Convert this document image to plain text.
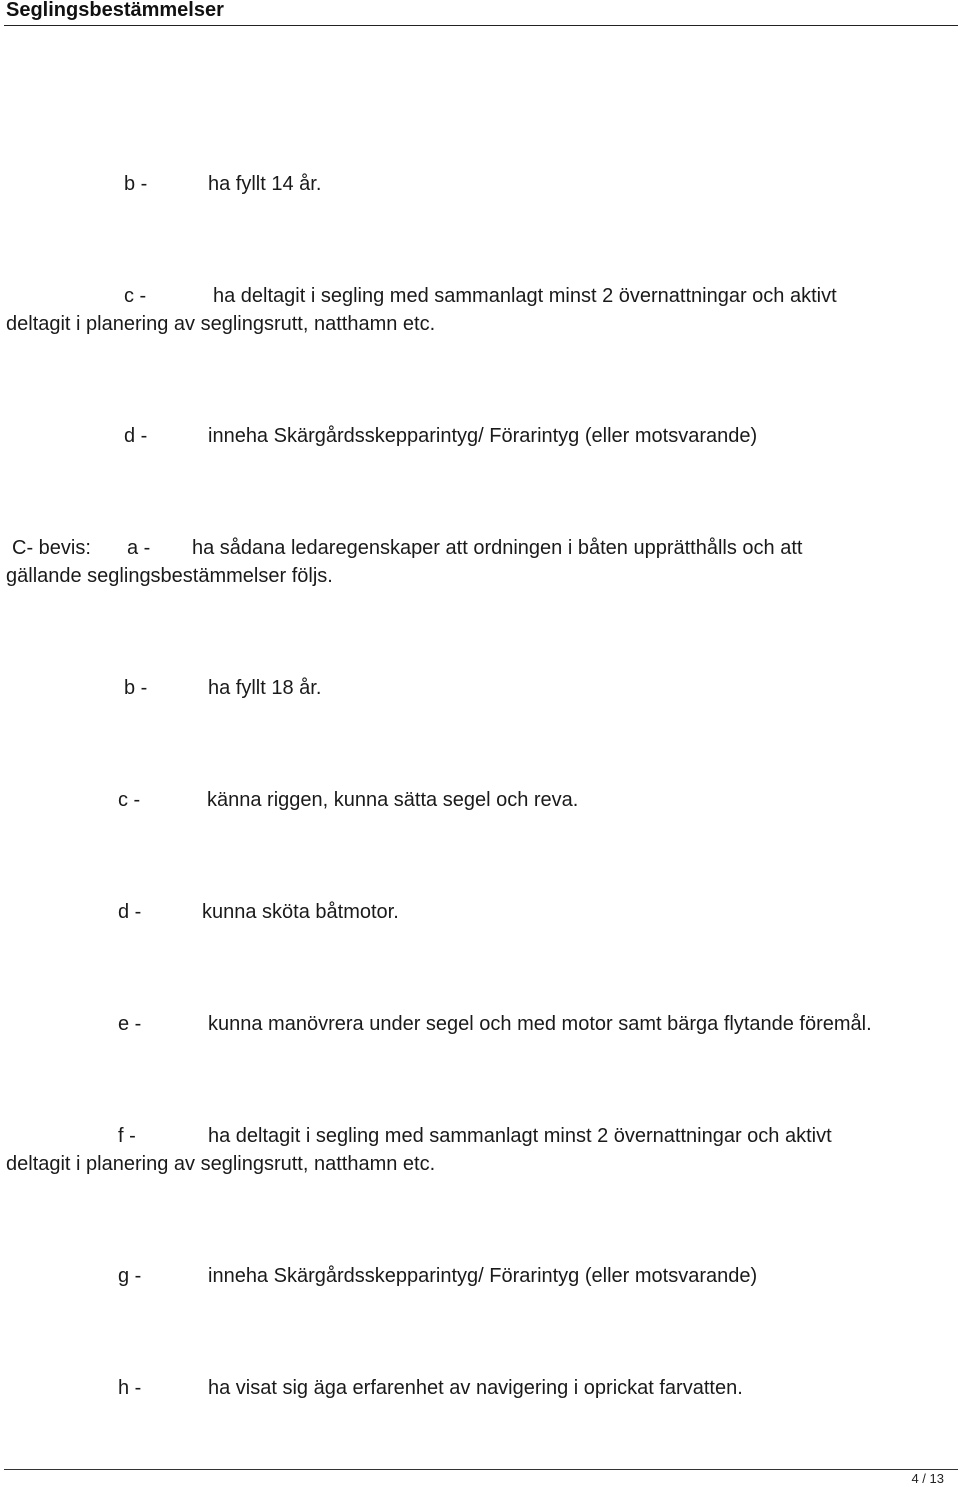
Seglingsbestämmelser
b -	ha fyllt 14 år.
c -	ha deltagit i segling med sammanlagt minst 2 övernattningar och aktivt
deltagit i planering av seglingsrutt, natthamn etc.
d -	inneha Skärgårdsskepparintyg/ Förarintyg (eller motsvarande)
C- bevis: a - ha sådana ledaregenskaper att ordningen i båten upprätthålls och att
gällande seglingsbestämmelser följs.
b -	ha fyllt 18 år.
c -	känna riggen, kunna sätta segel och reva.
d -	kunna sköta båtmotor.
e -	kunna manövrera under segel och med motor samt bärga flytande föremål.
f -	ha deltagit i segling med sammanlagt minst 2 övernattningar och aktivt
deltagit i planering av seglingsrutt, natthamn etc.
g -	inneha Skärgårdsskepparintyg/ Förarintyg (eller motsvarande)
h -	ha visat sig äga erfarenhet av navigering i oprickat farvatten.
4 / 13
